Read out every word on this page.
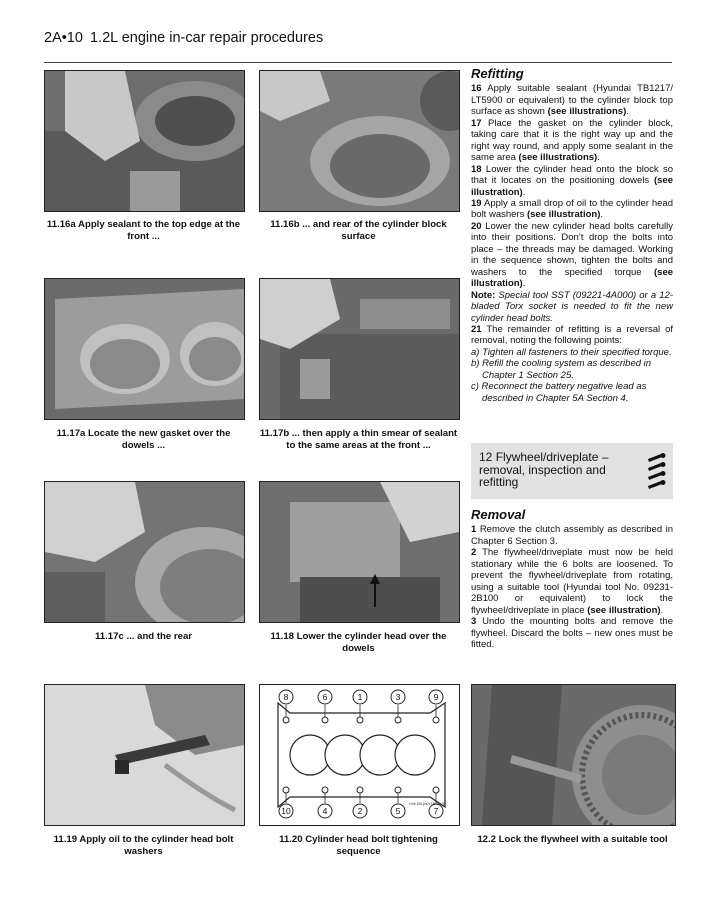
2A•10 1.2L engine in-car repair procedures
11.16a Apply sealant to the top edge at the front ...
11.16b ... and rear of the cylinder block surface
11.17a Locate the new gasket over the dowels ...
11.17b ... then apply a thin smear of sealant to the same areas at the front ...
11.17c ... and the rear	11.18 Lower the cylinder head over the dowels
11.19 Apply oil to the cylinder head bolt washers
8	6	1	3	9
10	4	2	5	7
H46 1BLjm0Y1N0FK0S
11.20 Cylinder head bolt tightening sequence
12.2 Lock the flywheel with a suitable tool
Refitting

16 Apply suitable sealant (Hyundai TB1217/ LT5900 or equivalent) to the cylinder block top surface as shown (see illustrations).

17 Place the gasket on the cylinder block, taking care that it is the right way up and the right way round, and apply some sealant in the same area (see illustrations).

18 Lower the cylinder head onto the block so that it locates on the positioning dowels (see illustration).

19 Apply a small drop of oil to the cylinder head bolt washers (see illustration).

20 Lower the new cylinder head bolts carefully into their positions. Don’t drop the bolts into place – the threads may be damaged. Working in the sequence shown, tighten the bolts and washers to the specified torque (see illustration).

Note: Special tool SST (09221-4A000) or a 12-bladed Torx socket is needed to fit the new cylinder head bolts.

21 The remainder of refitting is a reversal of removal, noting the following points:

a) Tighten all fasteners to their specified torque.
b) Refill the cooling system as described in Chapter 1 Section 25.
c) Reconnect the battery negative lead as described in Chapter 5A Section 4.
12 Flywheel/driveplate –
removal, inspection and refitting
Removal

1 Remove the clutch assembly as described in Chapter 6 Section 3.

2 The flywheel/driveplate must now be held stationary while the 6 bolts are loosened. To prevent the flywheel/driveplate from rotating, using a suitable tool (Hyundai tool No. 09231-2B100 or equivalent) to lock the flywheel/driveplate in place (see illustration).

3 Undo the mounting bolts and remove the flywheel. Discard the bolts – new ones must be fitted.
